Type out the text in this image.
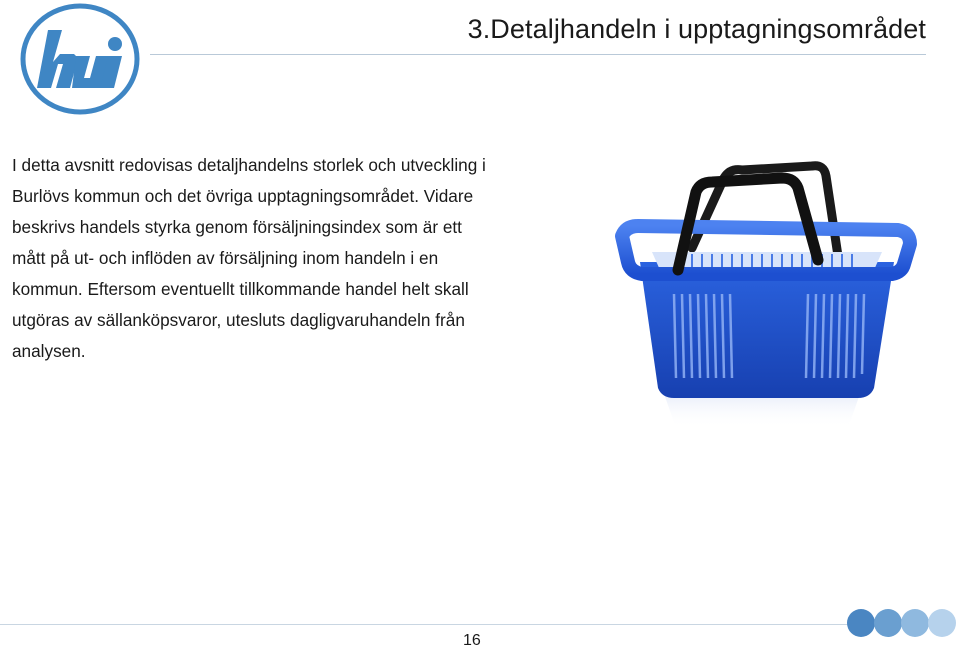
3.Detaljhandeln i upptagningsområdet

I detta avsnitt redovisas detaljhandelns storlek och utveckling i
Burlövs kommun och det övriga upptagningsområdet. Vidare
beskrivs handels styrka genom försäljningsindex som är ett
mått på ut- och inflöden av försäljning inom handeln i en
kommun. Eftersom eventuellt tillkommande handel helt skall
utgöras av sällanköpsvaror, utesluts dagligvaruhandeln från
analysen.

16
